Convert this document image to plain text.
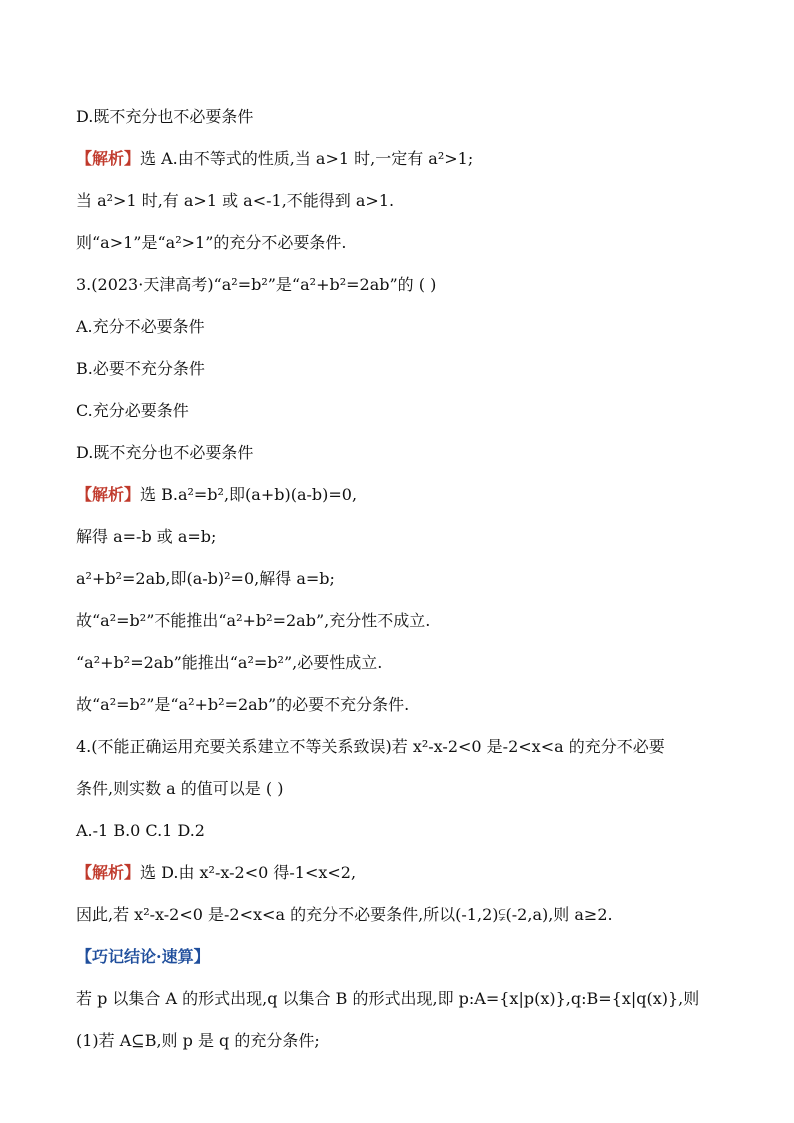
D.既不充分也不必要条件
【解析】选 A.由不等式的性质,当 a>1 时,一定有 a²>1;
当 a²>1 时,有 a>1 或 a<-1,不能得到 a>1.
则“a>1”是“a²>1”的充分不必要条件.
3.(2023·天津高考)“a²=b²”是“a²+b²=2ab”的 ( )
A.充分不必要条件
B.必要不充分条件
C.充分必要条件
D.既不充分也不必要条件
【解析】选 B.a²=b²,即(a+b)(a-b)=0,
解得 a=-b 或 a=b;
a²+b²=2ab,即(a-b)²=0,解得 a=b;
故“a²=b²”不能推出“a²+b²=2ab”,充分性不成立.
“a²+b²=2ab”能推出“a²=b²”,必要性成立.
故“a²=b²”是“a²+b²=2ab”的必要不充分条件.
4.(不能正确运用充要关系建立不等关系致误)若 x²-x-2<0 是-2<x<a 的充分不必要
条件,则实数 a 的值可以是 ( )
A.-1 B.0 C.1 D.2
【解析】选 D.由 x²-x-2<0 得-1<x<2,
因此,若 x²-x-2<0 是-2<x<a 的充分不必要条件,所以(-1,2)⫋(-2,a),则 a≥2.
【巧记结论·速算】
若 p 以集合 A 的形式出现,q 以集合 B 的形式出现,即 p:A={x|p(x)},q:B={x|q(x)},则
(1)若 A⊆B,则 p 是 q 的充分条件;
